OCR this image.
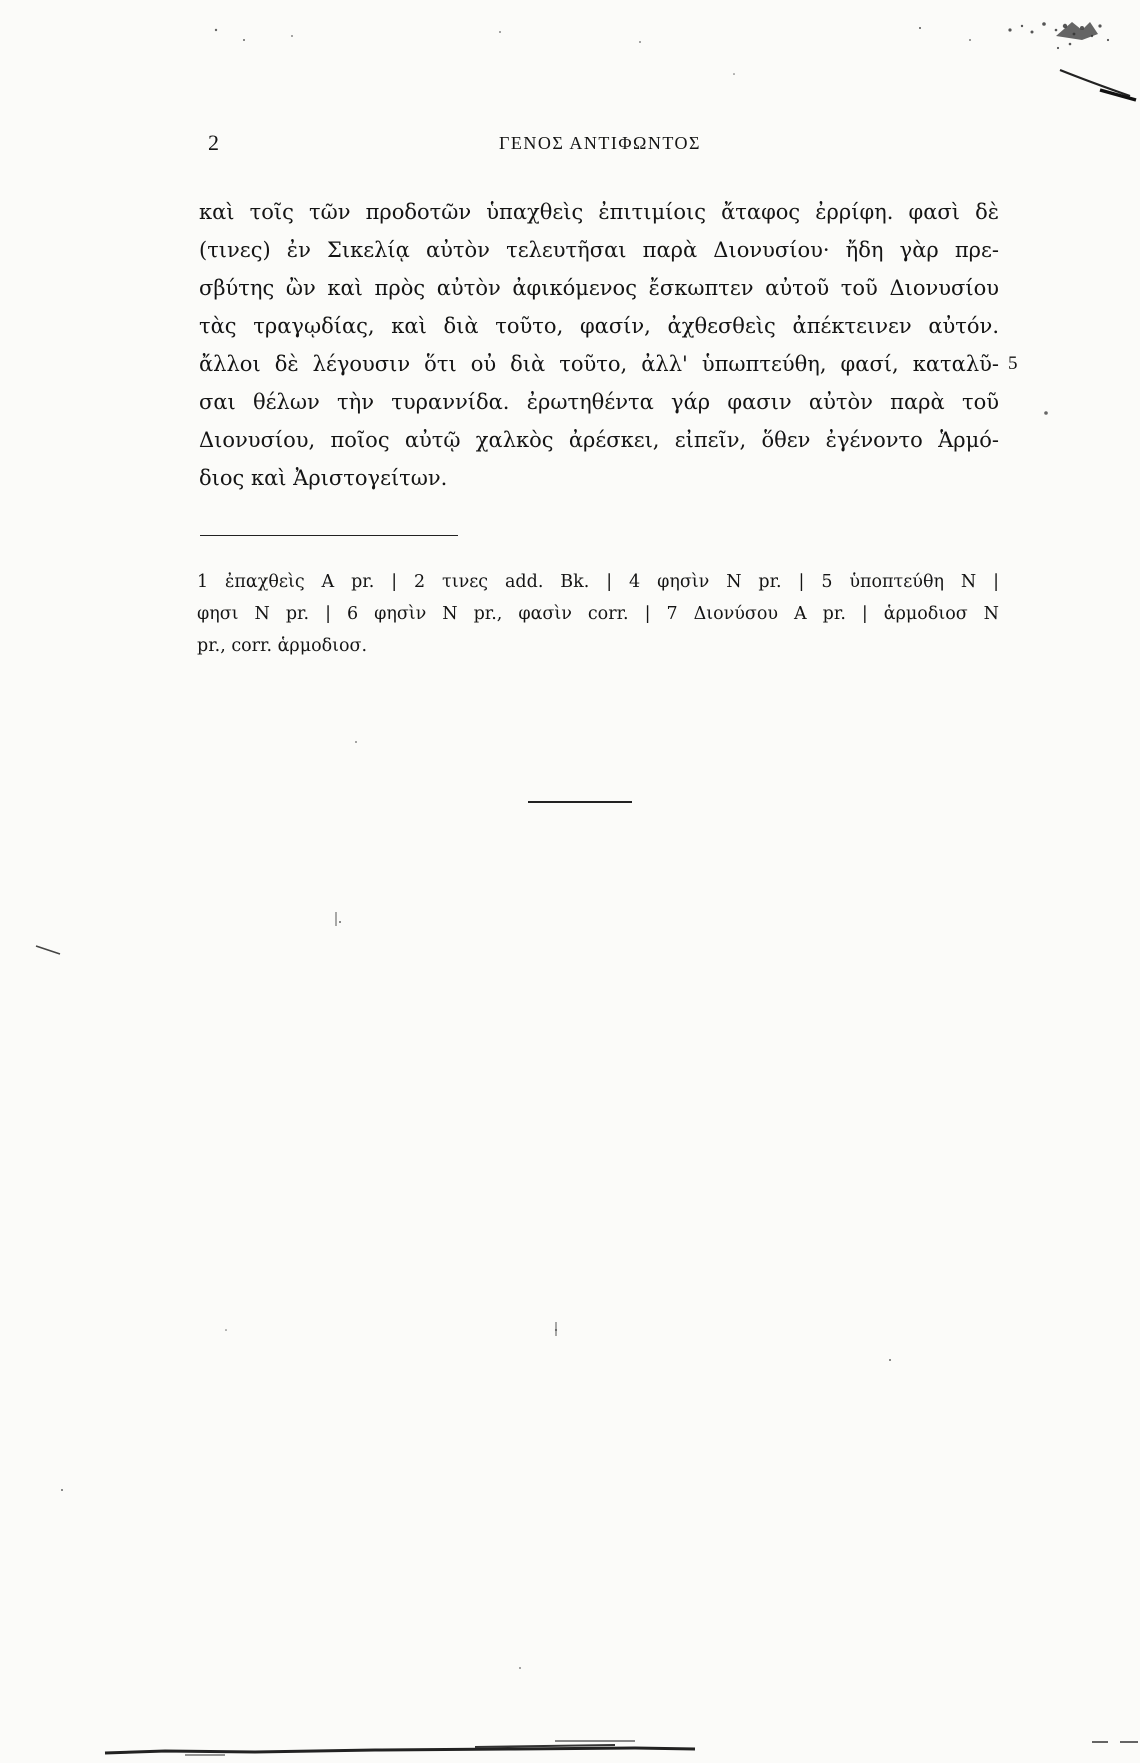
2	ΓΕΝΟΣ ΑΝΤΙΦΩΝΤΟΣ
καὶ τοῖς τῶν προδοτῶν ὑπαχθεὶς ἐπιτιμίοις ἄταφος ἐρρίφη. φασὶ δὲ
(τινες) ἐν Σικελίᾳ αὐτὸν τελευτῆσαι παρὰ Διονυσίου· ἤδη γὰρ πρε-
σβύτης ὢν καὶ πρὸς αὐτὸν ἀφικόμενος ἔσκωπτεν αὐτοῦ τοῦ Διονυσίου
τὰς τραγῳδίας, καὶ διὰ τοῦτο, φασίν, ἀχθεσθεὶς ἀπέκτεινεν αὐτόν.
ἄλλοι δὲ λέγουσιν ὅτι οὐ διὰ τοῦτο, ἀλλ' ὑπωπτεύθη, φασί, καταλῦ-
σαι θέλων τὴν τυραννίδα. ἐρωτηθέντα γάρ φασιν αὐτὸν παρὰ τοῦ
Διονυσίου, ποῖος αὐτῷ χαλκὸς ἀρέσκει, εἰπεῖν, ὅθεν ἐγένοντο Ἁρμό-
διος καὶ Ἀριστογείτων.
5
1 ἐπαχθεὶς A pr. | 2 τινες add. Bk. | 4 φησὶν N pr. | 5 ὑποπτεύθη N |
φησι N pr. | 6 φησὶν N pr., φασὶν corr. | 7 Διονύσου A pr. | ἁρμοδιοσ N
pr., corr. ἁρμοδιοσ.
